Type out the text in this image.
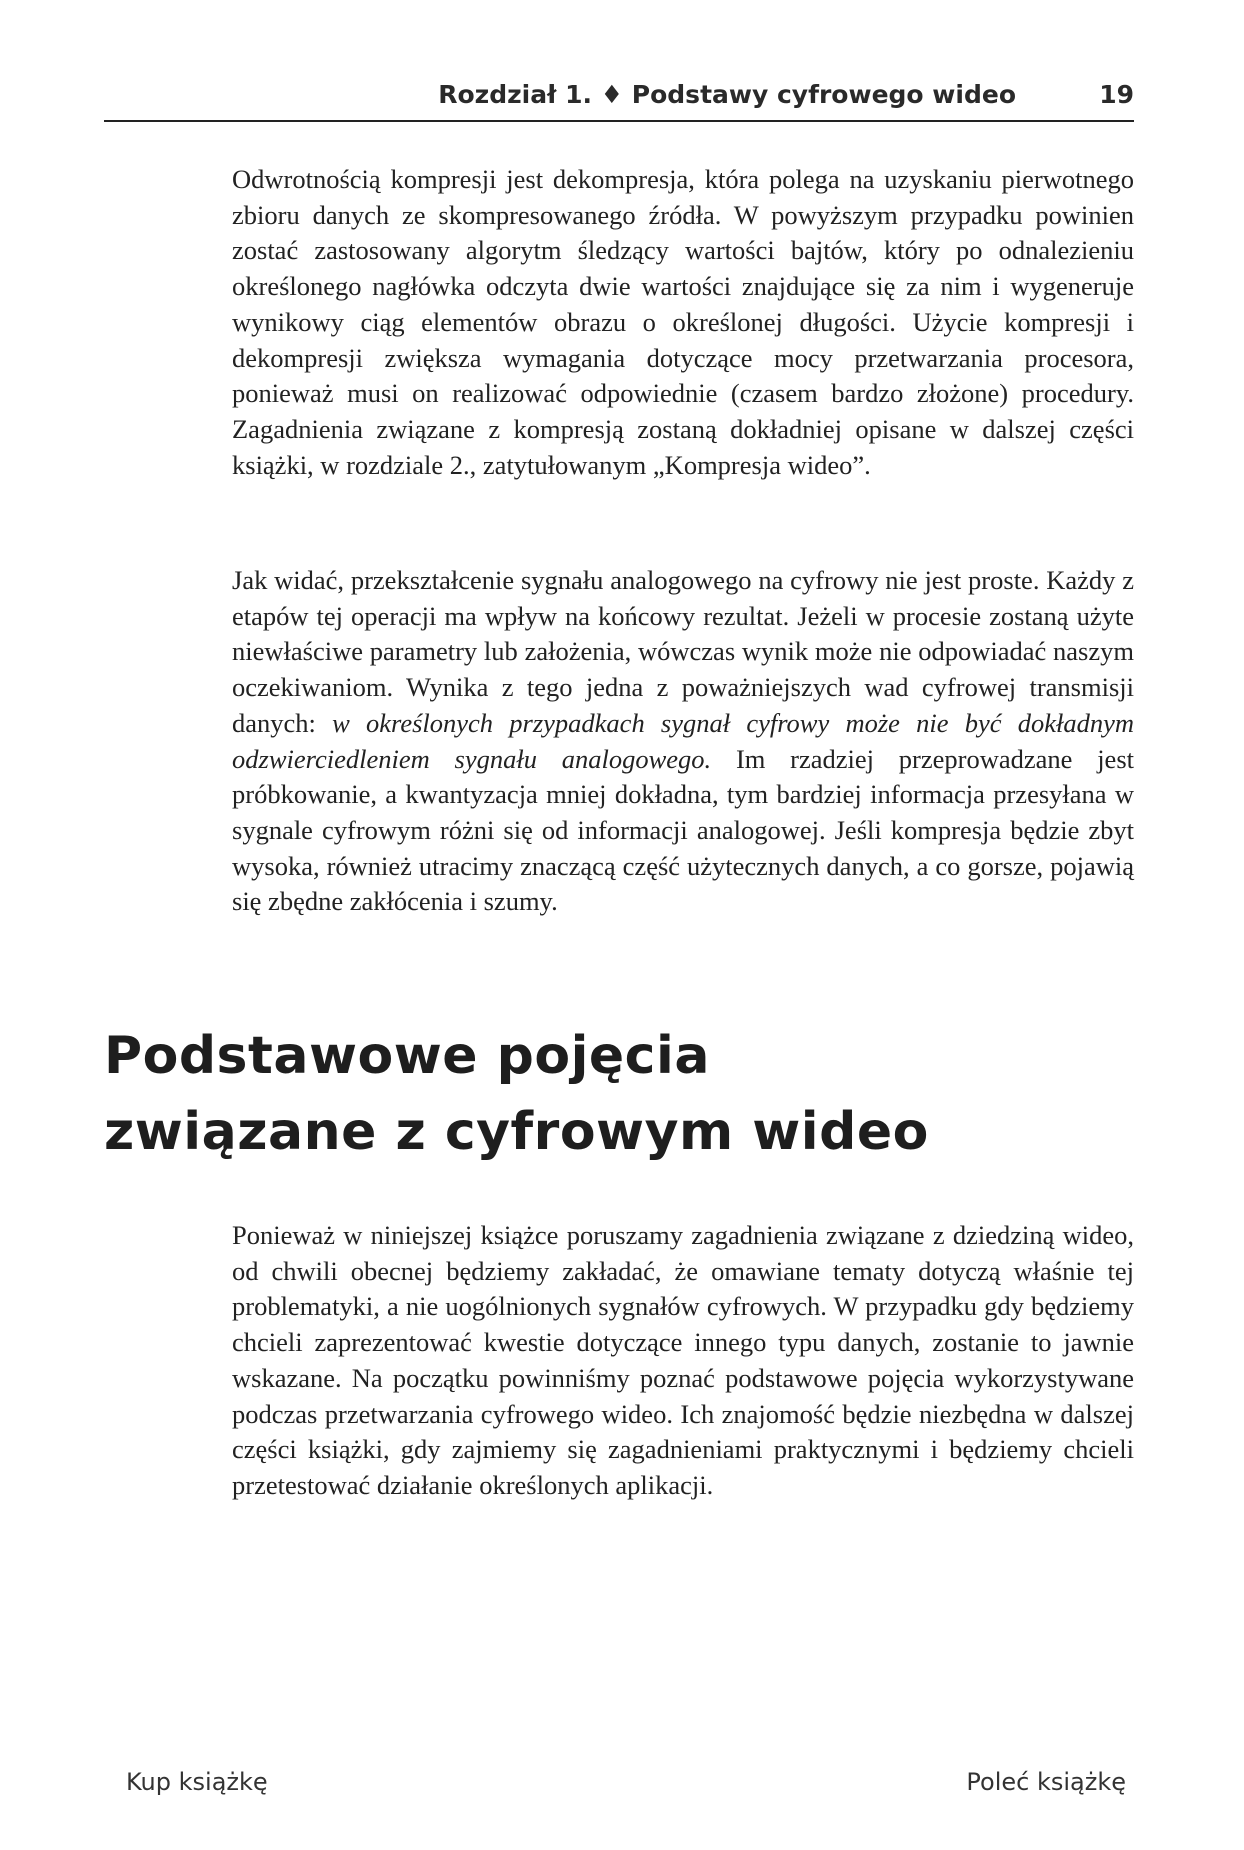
Rozdział 1. ♦ Podstawy cyfrowego wideo	19

Odwrotnością kompresji jest dekompresja, która polega na uzyskaniu pierwotnego zbioru danych ze skompresowanego źródła. W powyższym przypadku powinien zostać zastosowany algorytm śledzący wartości bajtów, który po odnalezieniu określonego nagłówka odczyta dwie wartości znajdujące się za nim i wygeneruje wynikowy ciąg elementów obrazu o określonej długości. Użycie kompresji i dekompresji zwiększa wymagania dotyczące mocy przetwarzania procesora, ponieważ musi on realizować odpowiednie (czasem bardzo złożone) procedury. Zagadnienia związane z kompresją zostaną dokładniej opisane w dalszej części książki, w rozdziale 2., zatytułowanym „Kompresja wideo”.

Jak widać, przekształcenie sygnału analogowego na cyfrowy nie jest proste. Każdy z etapów tej operacji ma wpływ na końcowy rezultat. Jeżeli w procesie zostaną użyte niewłaściwe parametry lub założenia, wówczas wynik może nie odpowiadać naszym oczekiwaniom. Wynika z tego jedna z poważniejszych wad cyfrowej transmisji danych: w określonych przypadkach sygnał cyfrowy może nie być dokładnym odzwierciedleniem sygnału analogowego. Im rzadziej przeprowadzane jest próbkowanie, a kwantyzacja mniej dokładna, tym bardziej informacja przesyłana w sygnale cyfrowym różni się od informacji analogowej. Jeśli kompresja będzie zbyt wysoka, również utracimy znaczącą część użytecznych danych, a co gorsze, pojawią się zbędne zakłócenia i szumy.

Podstawowe pojęcia
związane z cyfrowym wideo

Ponieważ w niniejszej książce poruszamy zagadnienia związane z dziedziną wideo, od chwili obecnej będziemy zakładać, że omawiane tematy dotyczą właśnie tej problematyki, a nie uogólnionych sygnałów cyfrowych. W przypadku gdy będziemy chcieli zaprezentować kwestie dotyczące innego typu danych, zostanie to jawnie wskazane. Na początku powinniśmy poznać podstawowe pojęcia wykorzystywane podczas przetwarzania cyfrowego wideo. Ich znajomość będzie niezbędna w dalszej części książki, gdy zajmiemy się zagadnieniami praktycznymi i będziemy chcieli przetestować działanie określonych aplikacji.

Kup książkę	Poleć książkę
